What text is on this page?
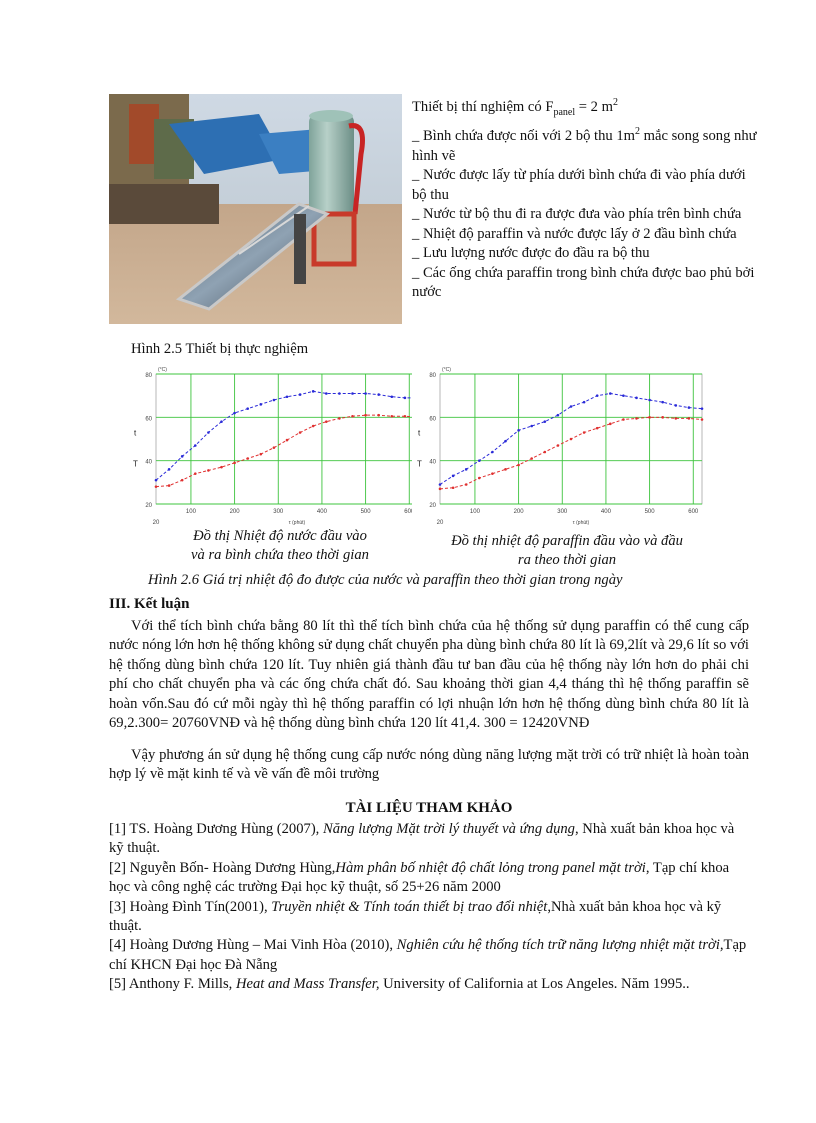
Thiết bị thí nghiệm có $F_{panel} = 2$ $m^2$
_ Bình chứa được nối với 2 bộ thu $1m^2$ mắc song song như hình vẽ
_ Nước được lấy từ phía dưới bình chứa đi vào phía dưới bộ thu
_ Nước từ bộ thu đi ra được đưa vào phía trên bình chứa
_ Nhiệt độ paraffin và nước được lấy ở 2 đầu bình chứa
_ Lưu lượng nước được đo đầu ra bộ thu
_ Các ống chứa paraffin trong bình chứa được bao phủ bởi nước
Hình 2.5 Thiết bị thực nghiệm
80
60
40
20
(°C)
t
T
100	200	300	400	500	600
20	τ (phút)
80
60
40
20
(°C)
t
T
100	200	300	400	500	600
20	τ (phút)
Đồ thị Nhiệt độ nước đầu vào
và ra bình chứa theo thời gian
Đồ thị nhiệt độ paraffin đầu vào và đầu
ra theo thời gian
Hình 2.6 Giá trị nhiệt độ đo được của nước và paraffin theo thời gian trong ngày
III. Kết luận
Với thể tích bình chứa bằng 80 lít thì thể tích bình chứa của hệ thống sử dụng paraffin có thể cung cấp nước nóng lớn hơn hệ thống không sử dụng chất chuyển pha dùng bình chứa 80 lít là 69,2lít và 29,6 lít so với hệ thống dùng bình chứa 120 lít. Tuy nhiên giá thành đầu tư ban đầu của hệ thống này lớn hơn do phải chi phí cho chất chuyển pha và các ống chứa chất đó. Sau khoảng thời gian 4,4 tháng thì hệ thống paraffin sẽ hoàn vốn.Sau đó cứ mỗi ngày thì hệ thống paraffin có lợi nhuận lớn hơn hệ thống dùng bình chứa 80 lít là 69,2.300= 20760VNĐ và hệ thống dùng bình chứa 120 lít 41,4. 300 = 12420VNĐ
Vậy phương án sử dụng hệ thống cung cấp nước nóng dùng năng lượng mặt trời có trữ nhiệt là hoàn toàn hợp lý về mặt kinh tế và về vấn đề môi trường
TÀI LIỆU THAM KHẢO

[1] TS. Hoàng Dương Hùng (2007), Năng lượng Mặt trời lý thuyết và ứng dụng, Nhà xuất bản khoa học và kỹ thuật.

[2] Nguyễn Bốn- Hoàng Dương Hùng,Hàm phân bố nhiệt độ chất lỏng trong panel mặt trời, Tạp chí khoa học và công nghệ các trường Đại học kỹ thuật, số 25+26 năm 2000

[3] Hoàng Đình Tín(2001), Truyền nhiệt & Tính toán thiết bị trao đổi nhiệt,Nhà xuất bản khoa học và kỹ thuật.

[4] Hoàng Dương Hùng – Mai Vinh Hòa (2010), Nghiên cứu hệ thống tích trữ năng lượng nhiệt mặt trời,Tạp chí KHCN Đại học Đà Nẵng

[5] Anthony F. Mills, Heat and Mass Transfer, University of California at Los Angeles. Năm 1995..
